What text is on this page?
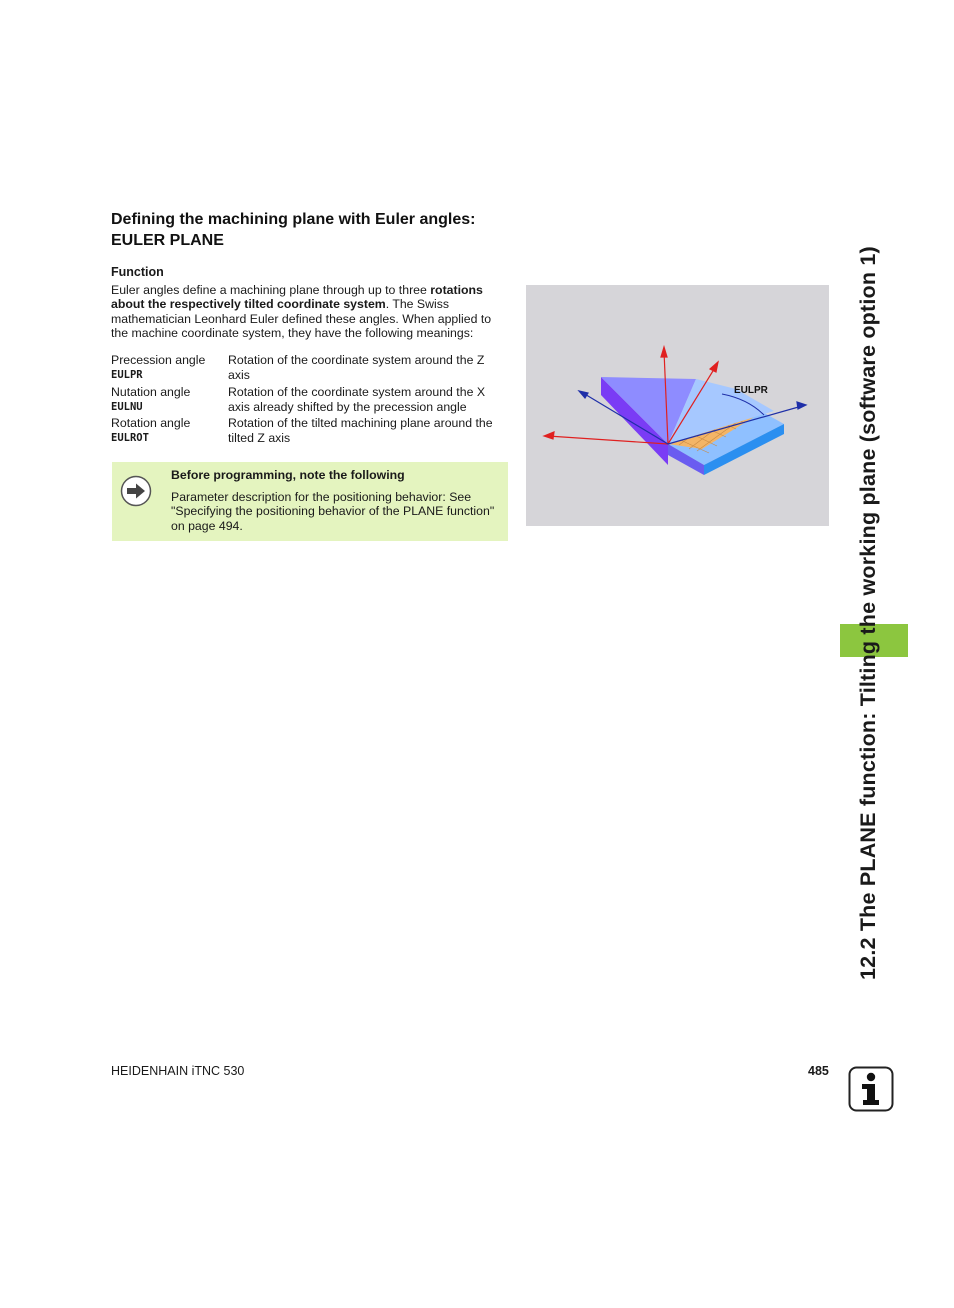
Defining the machining plane with Euler angles:
EULER PLANE
Function
Euler angles define a machining plane through up to three rotations about the respectively tilted coordinate system. The Swiss mathematician Leonhard Euler defined these angles. When applied to the machine coordinate system, they have the following meanings:
Precession angle
EULPR
Rotation of the coordinate system around the Z axis
Nutation angle
EULNU
Rotation of the coordinate system around the X axis already shifted by the precession angle
Rotation angle
EULROT
Rotation of the tilted machining plane around the tilted Z axis
Before programming, note the following
Parameter description for the positioning behavior: See "Specifying the positioning behavior of the PLANE function" on page 494.
EULPR	12.2 The PLANE function: Tilting the working plane (software option 1)
HEIDENHAIN iTNC 530	485
